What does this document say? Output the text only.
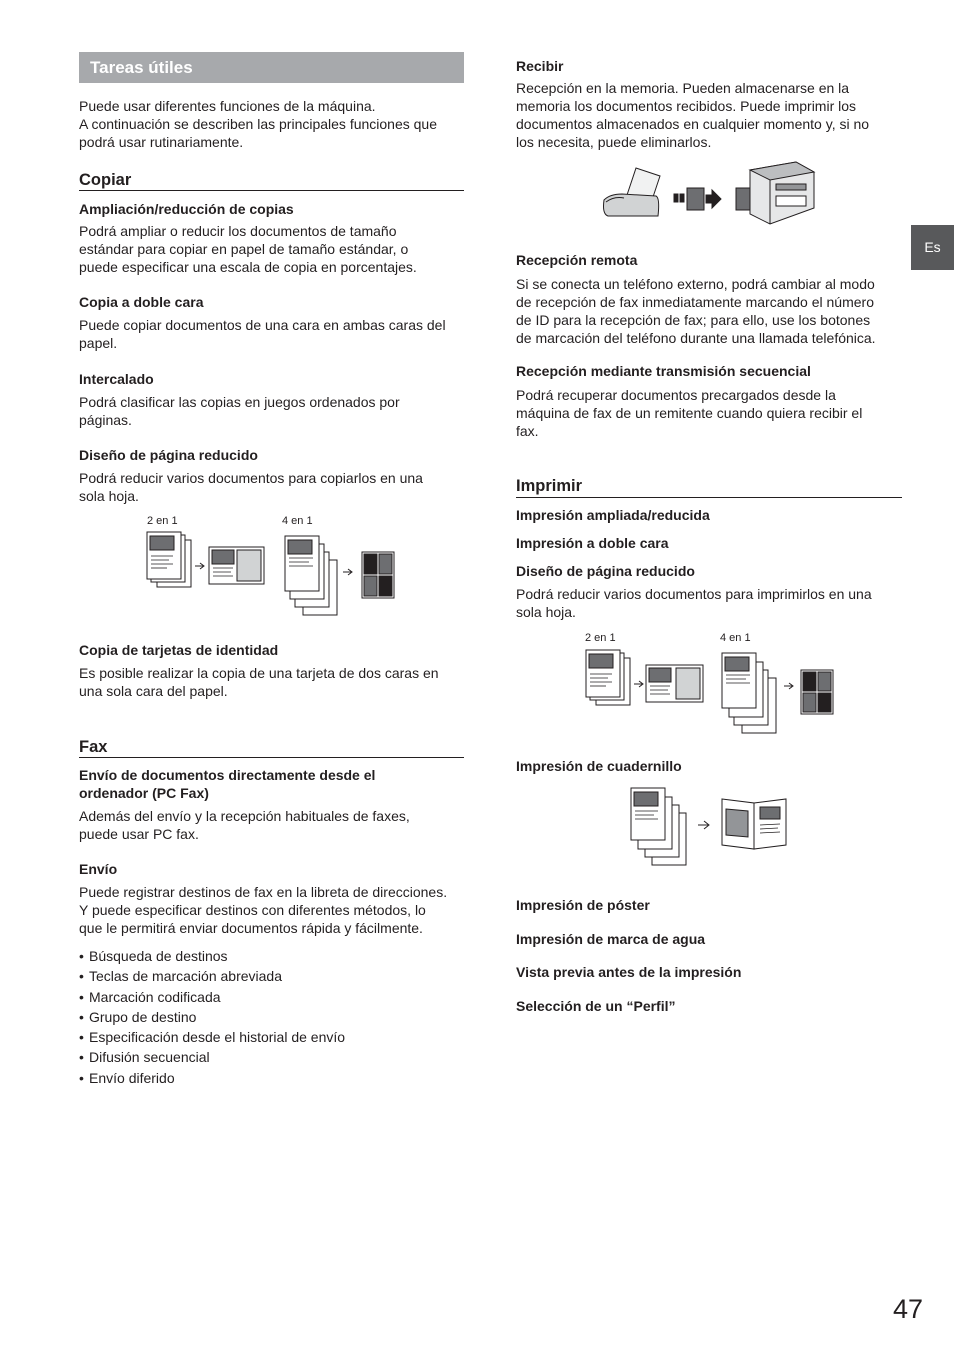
Tareas útiles

Puede usar diferentes funciones de la máquina.

A continuación se describen las principales funciones que

podrá usar rutinariamente.

Copiar

Ampliación/reducción de copias

Podrá ampliar o reducir los documentos de tamaño

estándar para copiar en papel de tamaño estándar, o

puede especificar una escala de copia en porcentajes.

Copia a doble cara

Puede copiar documentos de una cara en ambas caras del

papel.

Intercalado

Podrá clasificar las copias en juegos ordenados por

páginas.

Diseño de página reducido

Podrá reducir varios documentos para copiarlos en una

sola hoja.

2 en 1	4 en 1

Copia de tarjetas de identidad

Es posible realizar la copia de una tarjeta de dos caras en

una sola cara del papel.

Fax

Envío de documentos directamente desde el

ordenador (PC Fax)

Además del envío y la recepción habituales de faxes,

puede usar PC fax.

Envío

Puede registrar destinos de fax en la libreta de direcciones.

Y puede especificar destinos con diferentes métodos, lo

que le permitirá enviar documentos rápida y fácilmente.

• Búsqueda de destinos
• Teclas de marcación abreviada
• Marcación codificada
• Grupo de destino
• Especificación desde el historial de envío
• Difusión secuencial
• Envío diferido

Recibir

Recepción en la memoria. Pueden almacenarse en la

memoria los documentos recibidos. Puede imprimir los

documentos almacenados en cualquier momento y, si no

los necesita, puede eliminarlos.

Recepción remota

Si se conecta un teléfono externo, podrá cambiar al modo

de recepción de fax inmediatamente marcando el número

de ID para la recepción de fax; para ello, use los botones

de marcación del teléfono durante una llamada telefónica.

Recepción mediante transmisión secuencial

Podrá recuperar documentos precargados desde la

máquina de fax de un remitente cuando quiera recibir el

fax.

Imprimir

Impresión ampliada/reducida

Impresión a doble cara

Diseño de página reducido

Podrá reducir varios documentos para imprimirlos en una

sola hoja.

2 en 1	4 en 1

Impresión de cuadernillo

Impresión de póster

Impresión de marca de agua

Vista previa antes de la impresión

Selección de un “Perfil”

Es
47
